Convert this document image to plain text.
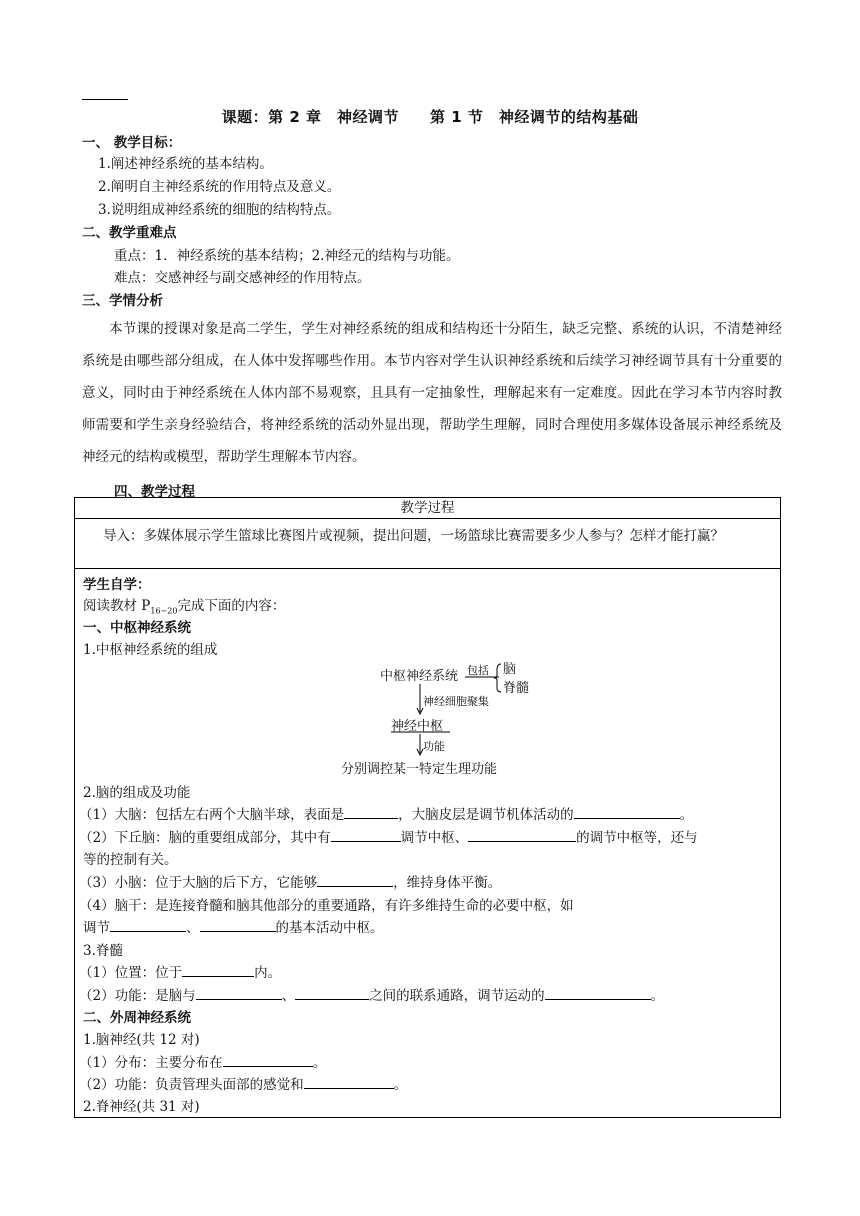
课题：第 2 章　神经调节　　第 1 节　神经调节的结构基础
一、 教学目标：
1.阐述神经系统的基本结构。
2.阐明自主神经系统的作用特点及意义。
3.说明组成神经系统的细胞的结构特点。
二、教学重难点
重点：1．神经系统的基本结构；2.神经元的结构与功能。
难点：交感神经与副交感神经的作用特点。
三、学情分析
本节课的授课对象是高二学生，学生对神经系统的组成和结构还十分陌生，缺乏完整、系统的认识，不清楚神经系统是由哪些部分组成，在人体中发挥哪些作用。本节内容对学生认识神经系统和后续学习神经调节具有十分重要的意义，同时由于神经系统在人体内部不易观察，且具有一定抽象性，理解起来有一定难度。因此在学习本节内容时教师需要和学生亲身经验结合，将神经系统的活动外显出现，帮助学生理解，同时合理使用多媒体设备展示神经系统及神经元的结构或模型，帮助学生理解本节内容。
四、教学过程
教学过程
导入：多媒体展示学生篮球比赛图片或视频，提出问题，一场篮球比赛需要多少人参与？怎样才能打赢？
学生自学：
阅读教材 $P_{16-20}$完成下面的内容：
一、中枢神经系统
1.中枢神经系统的组成
中枢神经系统 包括 脑
脊髓
神经细胞聚集
神经中枢
功能
分别调控某一特定生理功能
2.脑的组成及功能
（1）大脑：包括左右两个大脑半球，表面是	，大脑皮层是调节机体活动的	。
（2）下丘脑：脑的重要组成部分，其中有	调节中枢、	的调节中枢等，还与
等的控制有关。
（3）小脑：位于大脑的后下方，它能够	，维持身体平衡。
（4）脑干：是连接脊髓和脑其他部分的重要通路，有许多维持生命的必要中枢，如
调节	、	的基本活动中枢。
3.脊髓
（1）位置：位于	内。
（2）功能：是脑与	、	之间的联系通路，调节运动的	。
二、外周神经系统
1.脑神经(共 12 对)
（1）分布：主要分布在	。
（2）功能：负责管理头面部的感觉和	。
2.脊神经(共 31 对)
